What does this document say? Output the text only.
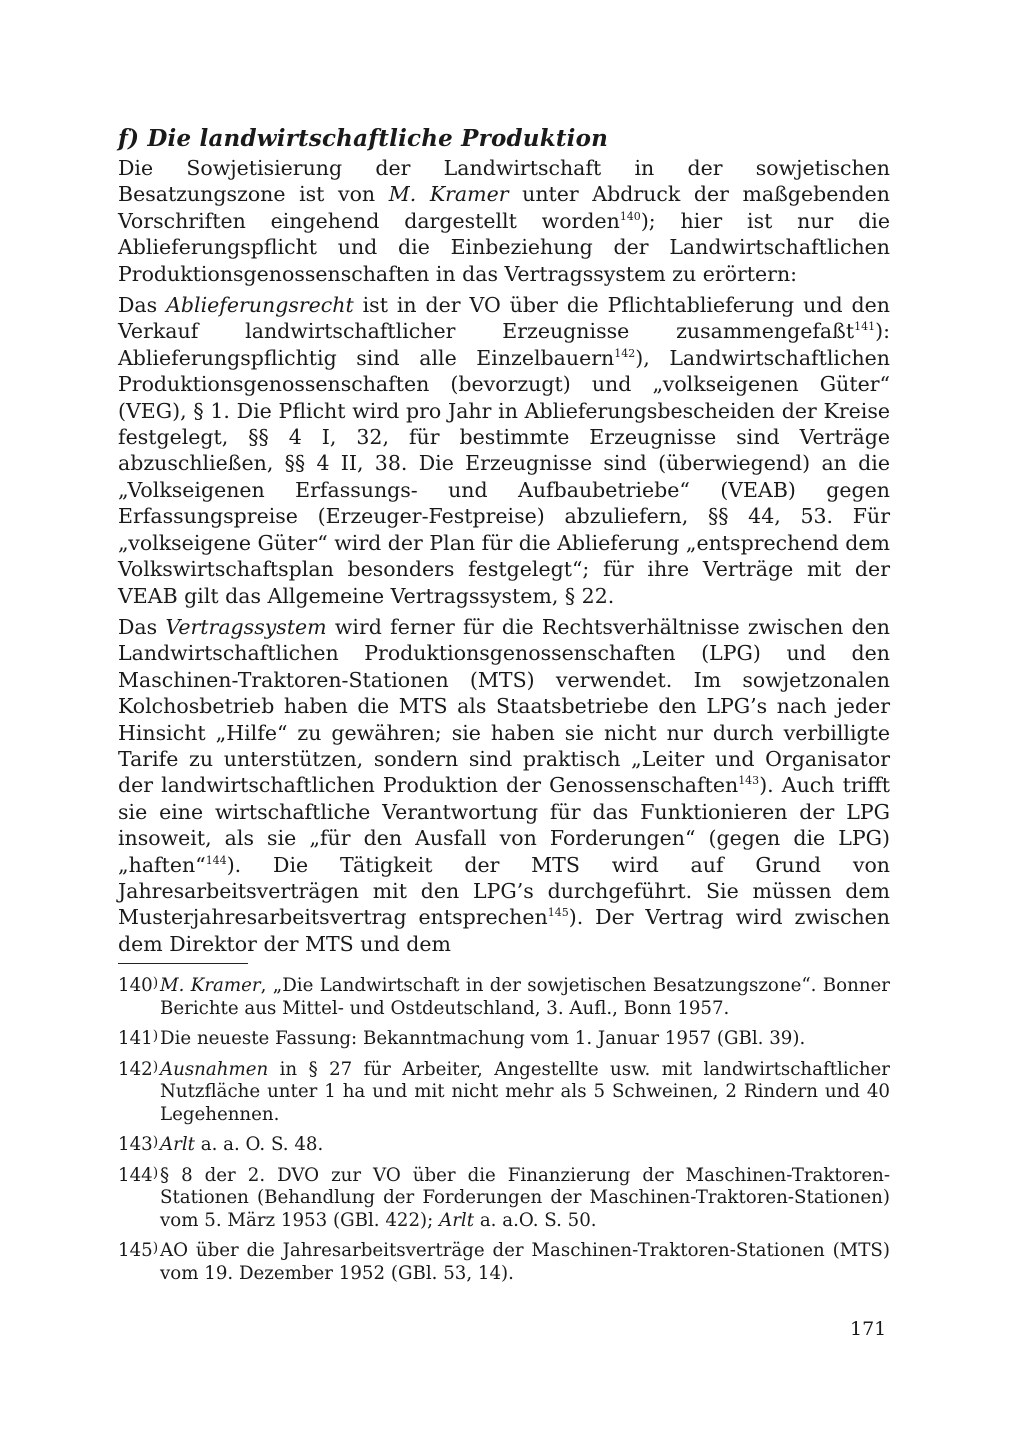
f) Die landwirtschaftliche Produktion

Die Sowjetisierung der Landwirtschaft in der sowjetischen Besatzungszone ist von M. Kramer unter Abdruck der maßgebenden Vorschriften eingehend dargestellt worden$^{140}$); hier ist nur die Ablieferungspflicht und die Einbeziehung der Landwirtschaftlichen Produktionsgenossenschaften in das Vertragssystem zu erörtern:

Das Ablieferungsrecht ist in der VO über die Pflichtablieferung und den Verkauf landwirtschaftlicher Erzeugnisse zusammengefaßt$^{141}$): Ablieferungspflichtig sind alle Einzelbauern$^{142}$), Landwirtschaftlichen Produktionsgenossenschaften (bevorzugt) und „volkseigenen Güter“ (VEG), § 1. Die Pflicht wird pro Jahr in Ablieferungsbescheiden der Kreise festgelegt, §§ 4 I, 32, für bestimmte Erzeugnisse sind Verträge abzuschließen, §§ 4 II, 38. Die Erzeugnisse sind (überwiegend) an die „Volkseigenen Erfassungs- und Aufbaubetriebe“ (VEAB) gegen Erfassungspreise (Erzeuger-Festpreise) abzuliefern, §§ 44, 53. Für „volkseigene Güter“ wird der Plan für die Ablieferung „entsprechend dem Volkswirtschaftsplan besonders festgelegt“; für ihre Verträge mit der VEAB gilt das Allgemeine Vertragssystem, § 22.

Das Vertragssystem wird ferner für die Rechtsverhältnisse zwischen den Landwirtschaftlichen Produktionsgenossenschaften (LPG) und den Maschinen-Traktoren-Stationen (MTS) verwendet. Im sowjetzonalen Kolchosbetrieb haben die MTS als Staatsbetriebe den LPG’s nach jeder Hinsicht „Hilfe“ zu gewähren; sie haben sie nicht nur durch verbilligte Tarife zu unterstützen, sondern sind praktisch „Leiter und Organisator der landwirtschaftlichen Produktion der Genossenschaften$^{143}$). Auch trifft sie eine wirtschaftliche Verantwortung für das Funktionieren der LPG insoweit, als sie „für den Ausfall von Forderungen“ (gegen die LPG) „haften“$^{144}$). Die Tätigkeit der MTS wird auf Grund von Jahresarbeitsverträgen mit den LPG’s durchgeführt. Sie müssen dem Musterjahresarbeitsvertrag entsprechen$^{145}$). Der Vertrag wird zwischen dem Direktor der MTS und dem

140)M. Kramer, „Die Landwirtschaft in der sowjetischen Besatzungszone“. Bonner Berichte aus Mittel- und Ostdeutschland, 3. Aufl., Bonn 1957.

141)Die neueste Fassung: Bekanntmachung vom 1. Januar 1957 (GBl. 39).

142)Ausnahmen in § 27 für Arbeiter, Angestellte usw. mit landwirtschaftlicher Nutzfläche unter 1 ha und mit nicht mehr als 5 Schweinen, 2 Rindern und 40 Legehennen.

143)Arlt a. a. O. S. 48.

144)§ 8 der 2. DVO zur VO über die Finanzierung der Maschinen-Traktoren-Stationen (Behandlung der Forderungen der Maschinen-Traktoren-Stationen) vom 5. März 1953 (GBl. 422); Arlt a. a.O. S. 50.

145)AO über die Jahresarbeitsverträge der Maschinen-Traktoren-Stationen (MTS) vom 19. Dezember 1952 (GBl. 53, 14).

171
